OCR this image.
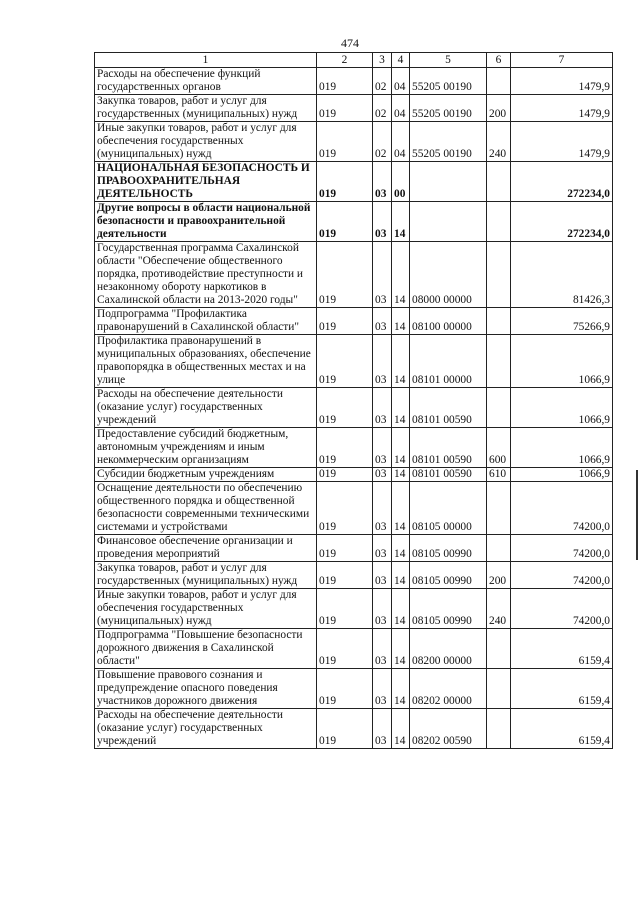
474
1	2	3	4	5	6	7
Расходы на обеспечение функций государственных органов	019	02	04	55205 00190		1479,9
Закупка товаров, работ и услуг для государственных (муниципальных) нужд	019	02	04	55205 00190	200	1479,9
Иные закупки товаров, работ и услуг для обеспечения государственных (муниципальных) нужд	019	02	04	55205 00190	240	1479,9
НАЦИОНАЛЬНАЯ БЕЗОПАСНОСТЬ И ПРАВООХРАНИТЕЛЬНАЯ ДЕЯТЕЛЬНОСТЬ	019	03	00			272234,0
Другие вопросы в области национальной безопасности и правоохранительной деятельности	019	03	14			272234,0
Государственная программа Сахалинской области "Обеспечение общественного порядка, противодействие преступности и незаконному обороту наркотиков в Сахалинской области на 2013-2020 годы"	019	03	14	08000 00000		81426,3
Подпрограмма "Профилактика правонарушений в Сахалинской области"	019	03	14	08100 00000		75266,9
Профилактика правонарушений в муниципальных образованиях, обеспечение правопорядка в общественных местах и на улице	019	03	14	08101 00000		1066,9
Расходы на обеспечение деятельности (оказание услуг) государственных учреждений	019	03	14	08101 00590		1066,9
Предоставление субсидий бюджетным, автономным учреждениям и иным некоммерческим организациям	019	03	14	08101 00590	600	1066,9
Субсидии бюджетным учреждениям	019	03	14	08101 00590	610	1066,9
Оснащение деятельности по обеспечению общественного порядка и общественной безопасности современными техническими системами и устройствами	019	03	14	08105 00000		74200,0
Финансовое обеспечение организации и проведения мероприятий	019	03	14	08105 00990		74200,0
Закупка товаров, работ и услуг для государственных (муниципальных) нужд	019	03	14	08105 00990	200	74200,0
Иные закупки товаров, работ и услуг для обеспечения государственных (муниципальных) нужд	019	03	14	08105 00990	240	74200,0
Подпрограмма "Повышение безопасности дорожного движения в Сахалинской области"	019	03	14	08200 00000		6159,4
Повышение правового сознания и предупреждение опасного поведения участников дорожного движения	019	03	14	08202 00000		6159,4
Расходы на обеспечение деятельности (оказание услуг) государственных учреждений	019	03	14	08202 00590		6159,4
